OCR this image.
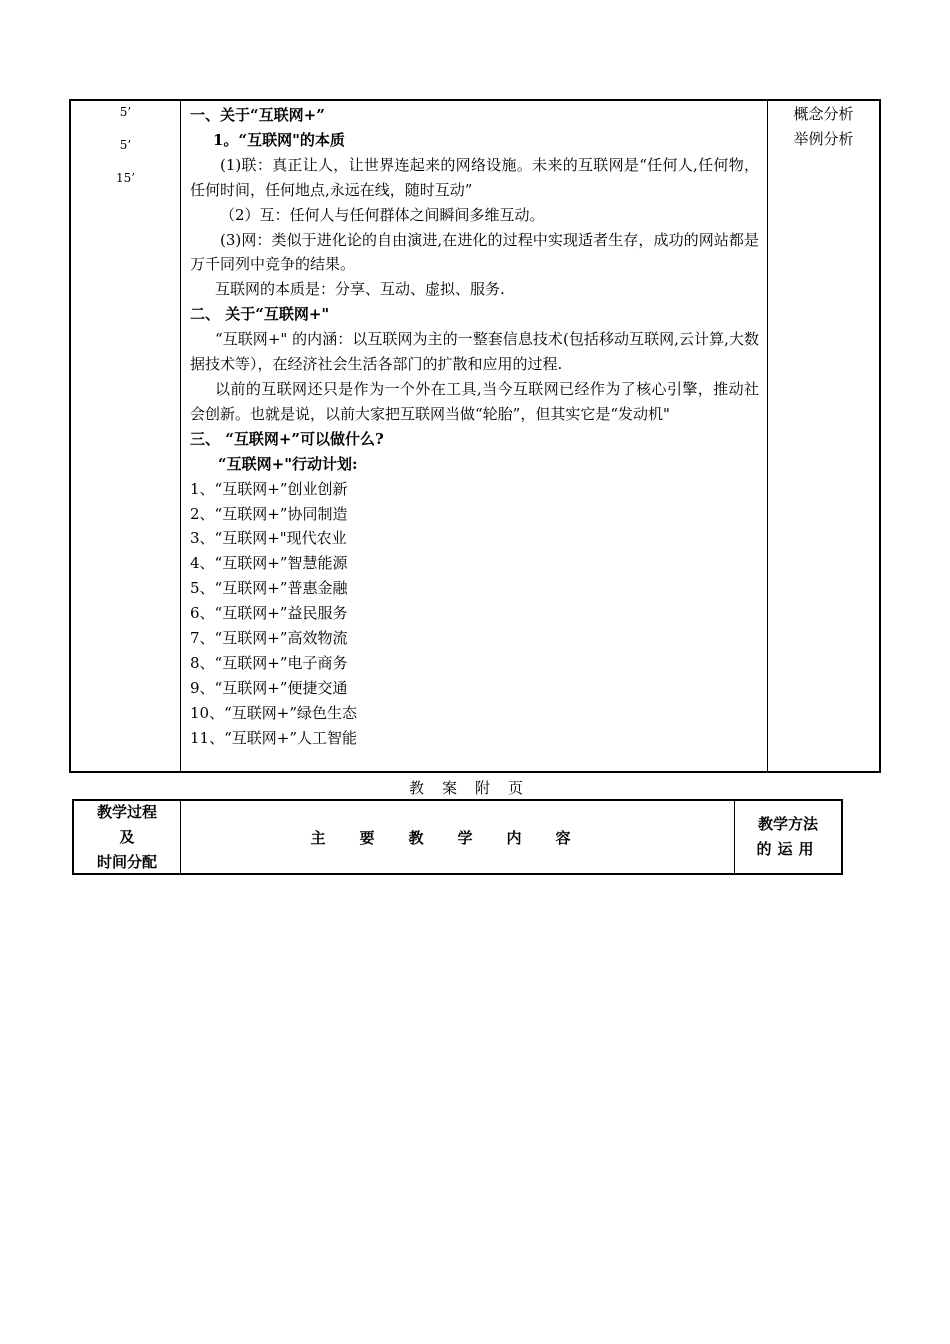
5’
5’
15’
一、关于“互联网+”
1。“互联网"的本质
(1)联：真正让人，让世界连起来的网络设施。未来的互联网是“任何人,任何物，任何时间，任何地点,永远在线，随时互动”
（2）互：任何人与任何群体之间瞬间多维互动。
(3)网：类似于进化论的自由演进,在进化的过程中实现适者生存，成功的网站都是万千同列中竞争的结果。
互联网的本质是：分享、互动、虚拟、服务.
二、 关于“互联网+"
“互联网+" 的内涵：以互联网为主的一整套信息技术(包括移动互联网,云计算,大数据技术等），在经济社会生活各部门的扩散和应用的过程.
以前的互联网还只是作为一个外在工具,当今互联网已经作为了核心引擎，推动社会创新。也就是说，以前大家把互联网当做“轮胎”，但其实它是“发动机"
三、 “互联网+”可以做什么?
“互联网+"行动计划:
1、“互联网+”创业创新
2、“互联网+”协同制造
3、“互联网+"现代农业
4、“互联网+”智慧能源
5、“互联网+”普惠金融
6、“互联网+”益民服务
7、“互联网+”高效物流
8、“互联网+”电子商务
9、“互联网+”便捷交通
10、“互联网+”绿色生态
11、“互联网+”人工智能
概念分析
举例分析
教案附页
教学过程
及
时间分配
主要教学内容
教学方法
的运用
